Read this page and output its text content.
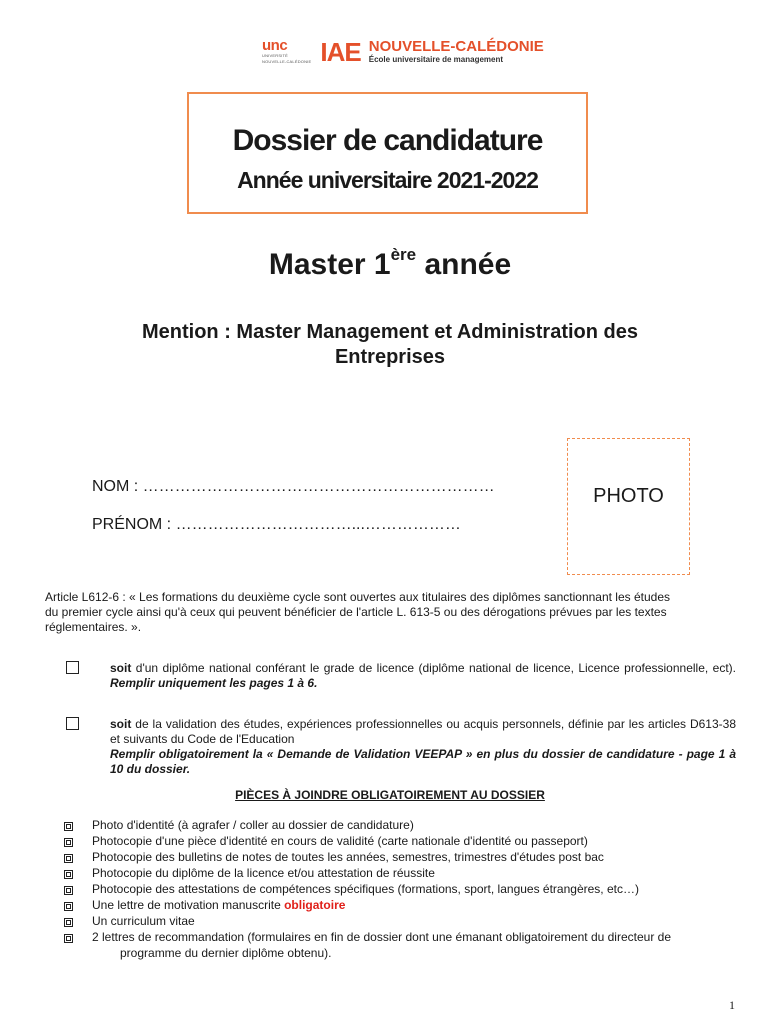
unc
UNIVERSITÉ
NOUVELLE-CALÉDONIE IAE NOUVELLE-CALÉDONIE
École universitaire de management
Dossier de candidature
Année universitaire 2021-2022
Master 1ère année
Mention : Master Management et Administration des
Entreprises
NOM : …………………………………………………………
PRÉNOM : ……………………………...………………
PHOTO
Article L612-6 : « Les formations du deuxième cycle sont ouvertes aux titulaires des diplômes sanctionnant les études
du premier cycle ainsi qu'à ceux qui peuvent bénéficier de l'article L. 613-5 ou des dérogations prévues par les textes
réglementaires. ».
soit d'un diplôme national conférant le grade de licence (diplôme national de licence, Licence professionnelle, ect). Remplir uniquement les pages 1 à 6.
soit de la validation des études, expériences professionnelles ou acquis personnels, définie par les articles D613-38 et suivants du Code de l'Education
Remplir obligatoirement la « Demande de Validation VEEPAP » en plus du dossier de candidature - page 1 à 10 du dossier.
PIÈCES À JOINDRE OBLIGATOIREMENT AU DOSSIER
Photo d'identité (à agrafer / coller au dossier de candidature)
Photocopie d'une pièce d'identité en cours de validité (carte nationale d'identité ou passeport)
Photocopie des bulletins de notes de toutes les années, semestres, trimestres d'études post bac
Photocopie du diplôme de la licence et/ou attestation de réussite
Photocopie des attestations de compétences spécifiques (formations, sport, langues étrangères, etc…)
Une lettre de motivation manuscrite obligatoire
Un curriculum vitae
2 lettres de recommandation (formulaires en fin de dossier dont une émanant obligatoirement du directeur de
programme du dernier diplôme obtenu).
1
